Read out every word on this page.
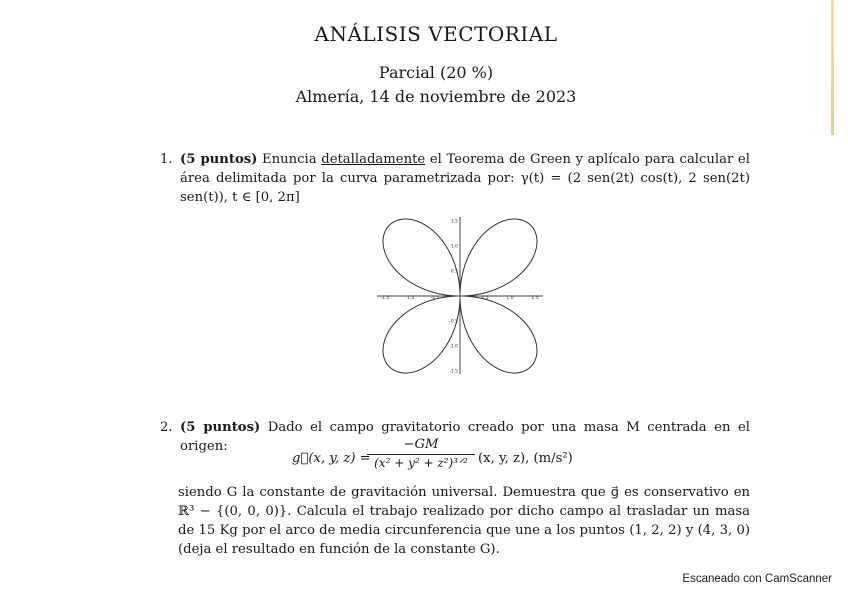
ANÁLISIS VECTORIAL
Parcial (20 %)
Almería, 14 de noviembre de 2023
1. (5 puntos) Enuncia detalladamente el Teorema de Green y aplícalo para calcular el área delimitada por la curva parametrizada por: γ(t) = (2 sen(2t) cos(t), 2 sen(2t) sen(t)), t ∈ [0, 2π]
-1.5	-1.0	-0.5	0.5	1.0	1.5
1.5
1.0
0.5
-0.5
-1.0
-1.5
2. (5 puntos) Dado el campo gravitatorio creado por una masa M centrada en el origen:
g⃗(x, y, z) =
−GM
(x² + y² + z²)³ᐟ² (x, y, z), (m/s²)
siendo G la constante de gravitación universal. Demuestra que g⃗ es conservativo en ℝ³ − {(0, 0, 0)}. Calcula el trabajo realizado por dicho campo al trasladar un masa de 15 Kg por el arco de media circunferencia que une a los puntos (1, 2, 2) y (4, 3, 0) (deja el resultado en función de la constante G).
Escaneado con CamScanner
